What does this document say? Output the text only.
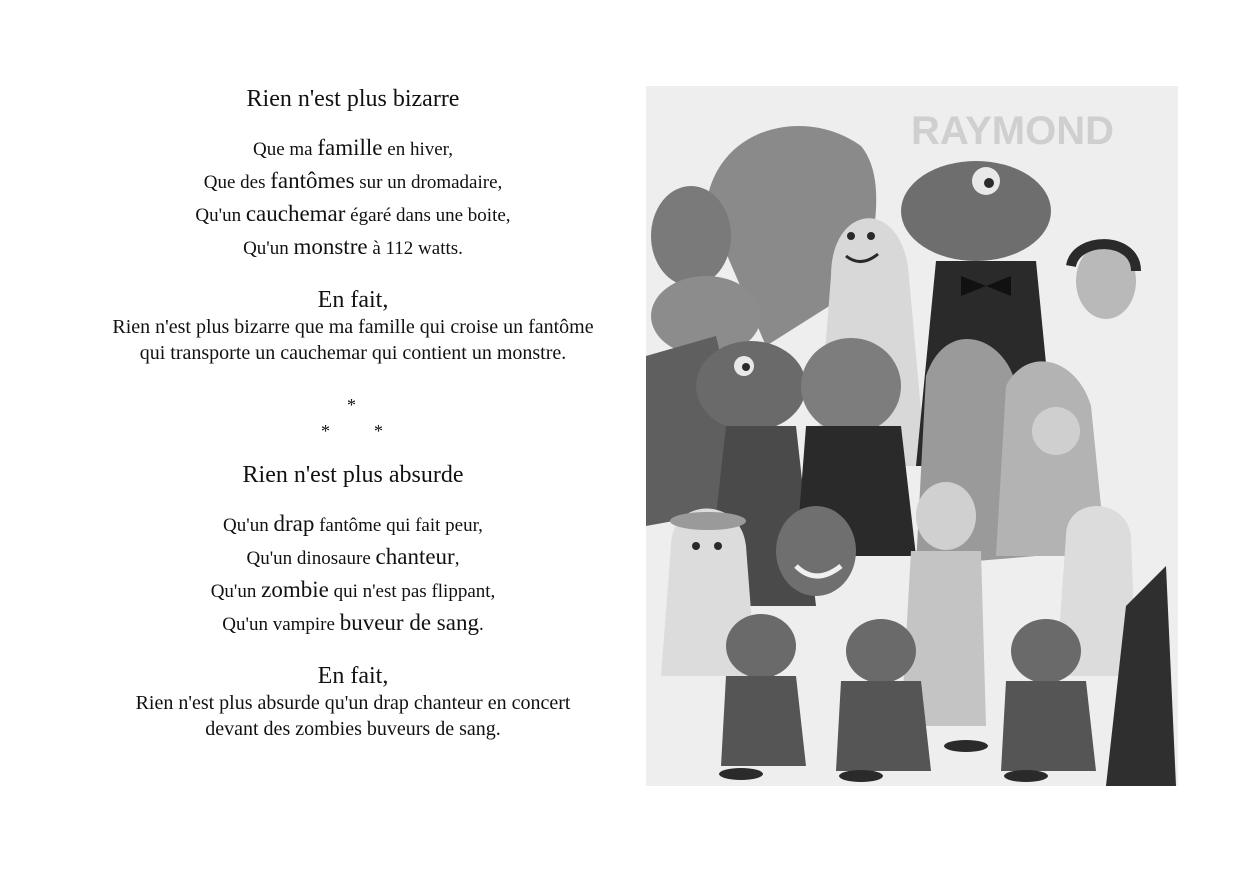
Rien n'est plus bizarre
Que ma famille en hiver,
Que des fantômes sur un dromadaire,
Qu'un cauchemar égaré dans une boite,
Qu'un monstre à 112 watts.
En fait,
Rien n'est plus bizarre que ma famille qui croise un fantôme
qui transporte un cauchemar qui contient un monstre.
*
* *
Rien n'est plus absurde
Qu'un drap fantôme qui fait peur,
Qu'un dinosaure chanteur,
Qu'un zombie qui n'est pas flippant,
Qu'un vampire buveur de sang.
En fait,
Rien n'est plus absurde qu'un drap chanteur en concert
devant des zombies buveurs de sang.
RAYMOND
